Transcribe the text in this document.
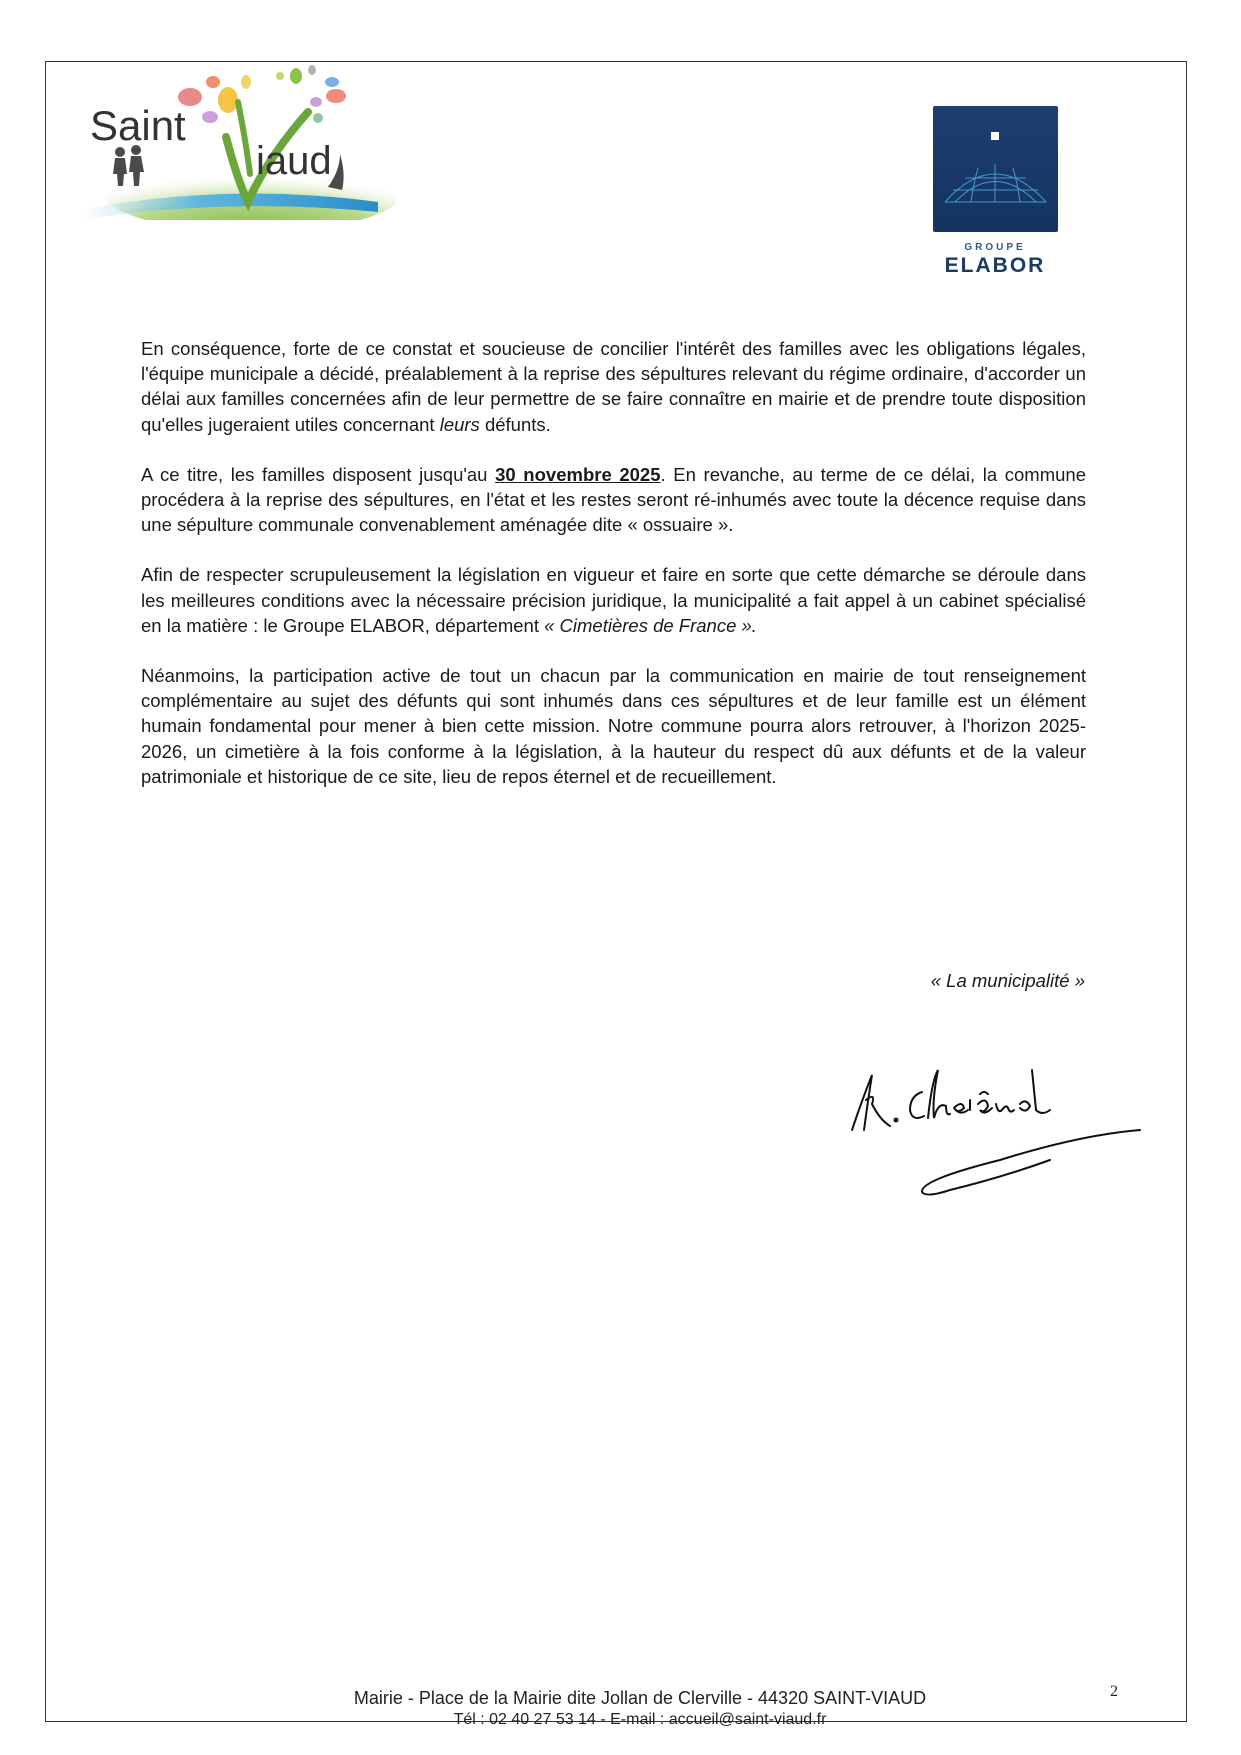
Saint
iaud
GROUPE
ELABOR

En conséquence, forte de ce constat et soucieuse de concilier l'intérêt des familles avec les obligations légales, l'équipe municipale a décidé, préalablement à la reprise des sépultures relevant du régime ordinaire, d'accorder un délai aux familles concernées afin de leur permettre de se faire connaître en mairie et de prendre toute disposition qu'elles jugeraient utiles concernant leurs défunts.

A ce titre, les familles disposent jusqu'au 30 novembre 2025. En revanche, au terme de ce délai, la commune procédera à la reprise des sépultures, en l'état et les restes seront ré-inhumés avec toute la décence requise dans une sépulture communale convenablement aménagée dite « ossuaire ».

Afin de respecter scrupuleusement la législation en vigueur et faire en sorte que cette démarche se déroule dans les meilleures conditions avec la nécessaire précision juridique, la municipalité a fait appel à un cabinet spécialisé en la matière : le Groupe ELABOR, département « Cimetières de France ».

Néanmoins, la participation active de tout un chacun par la communication en mairie de tout renseignement complémentaire au sujet des défunts qui sont inhumés dans ces sépultures et de leur famille est un élément humain fondamental pour mener à bien cette mission. Notre commune pourra alors retrouver, à l'horizon 2025-2026, un cimetière à la fois conforme à la législation, à la hauteur du respect dû aux défunts et de la valeur patrimoniale et historique de ce site, lieu de repos éternel et de recueillement.

« La municipalité »
Mairie - Place de la Mairie dite Jollan de Clerville - 44320 SAINT-VIAUD
Tél : 02 40 27 53 14 - E-mail : accueil@saint-viaud.fr
2
